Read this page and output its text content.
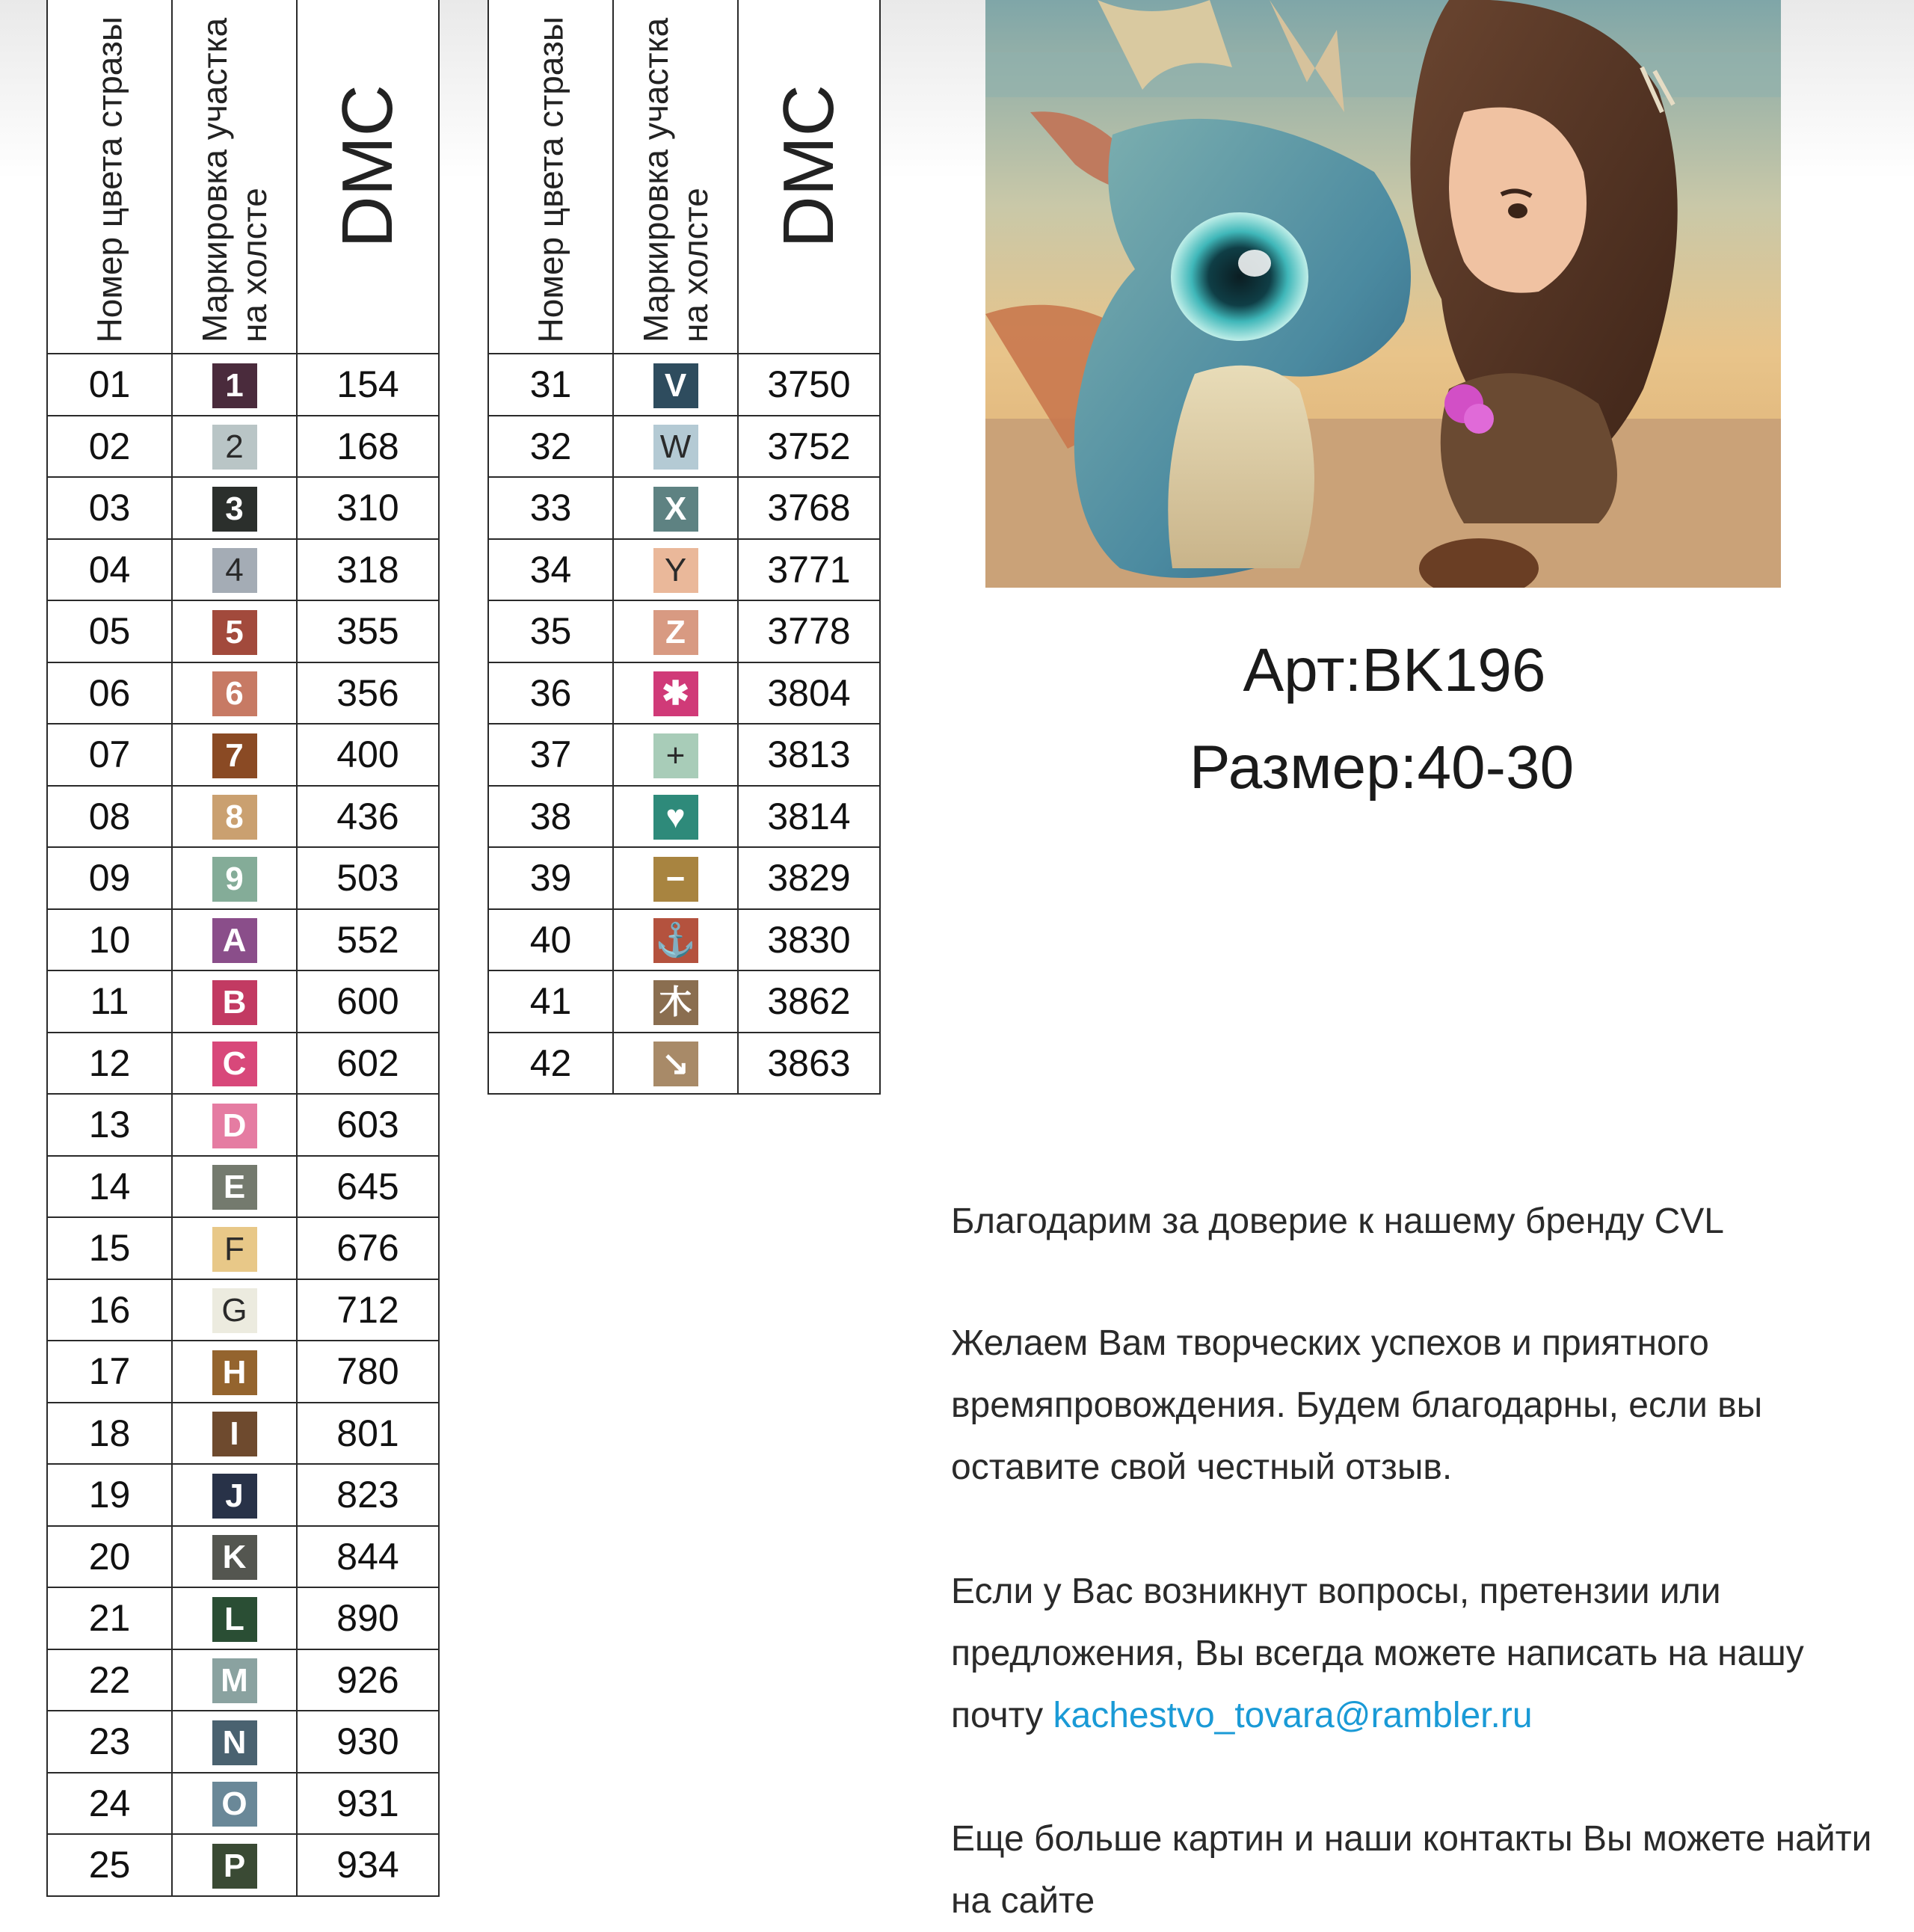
Номер цвета стразы	Маркировка участка на холсте	DMC

01	1	154
02	2	168
03	3	310
04	4	318
05	5	355
06	6	356
07	7	400
08	8	436
09	9	503
10	A	552
11	B	600
12	C	602
13	D	603
14	E	645
15	F	676
16	G	712
17	H	780
18	I	801
19	J	823
20	K	844
21	L	890
22	M	926
23	N	930
24	O	931
25	P	934
Номер цвета стразы	Маркировка участка на холсте	DMC

31	V	3750
32	W	3752
33	X	3768
34	Y	3771
35	Z	3778
36	✱	3804
37	+	3813
38	♥	3814
39	−	3829
40	⚓	3830
41	⽊	3862
42	↘	3863
Арт:BK196
Размер:40-30

Благодарим за доверие к нашему бренду CVL

Желаем Вам творческих успехов и приятного времяпровождения. Будем благодарны, если вы оставите свой честный отзыв.

Если у Вас возникнут вопросы, претензии или предложения, Вы всегда можете написать на нашу почту kachestvo_tovara@rambler.ru

Еще больше картин и наши контакты Вы можете найти на сайте
